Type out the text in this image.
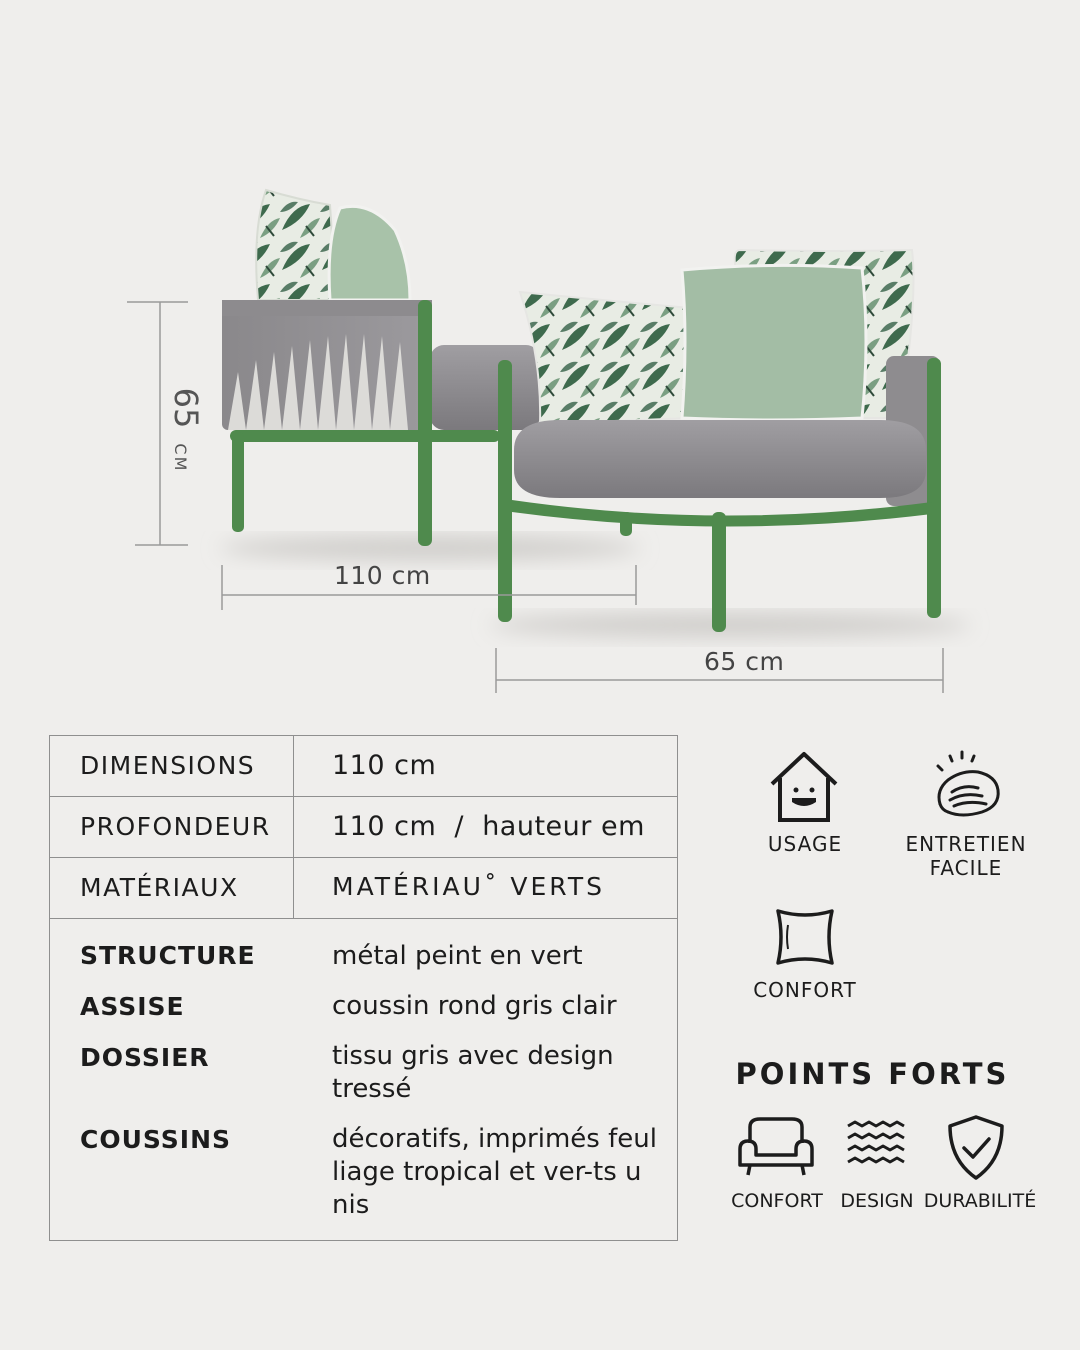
65 CM
110 cm
65 cm
DIMENSIONS	110 cm
PROFONDEUR 110 cm  /  hauteur em
MATÉRIAUX	MATÉRIAU˚ VERTS
STRUCTURE	métal peint en vert
ASSISE	coussin rond gris clair
DOSSIER	tissu gris avec design tressé
COUSSINS	décoratifs, imprimés feulliage tropical et ver-ts unis
USAGE	ENTRETIEN
FACILE
CONFORT
POINTS FORTS
CONFORT DESIGN DURABILITÉ
